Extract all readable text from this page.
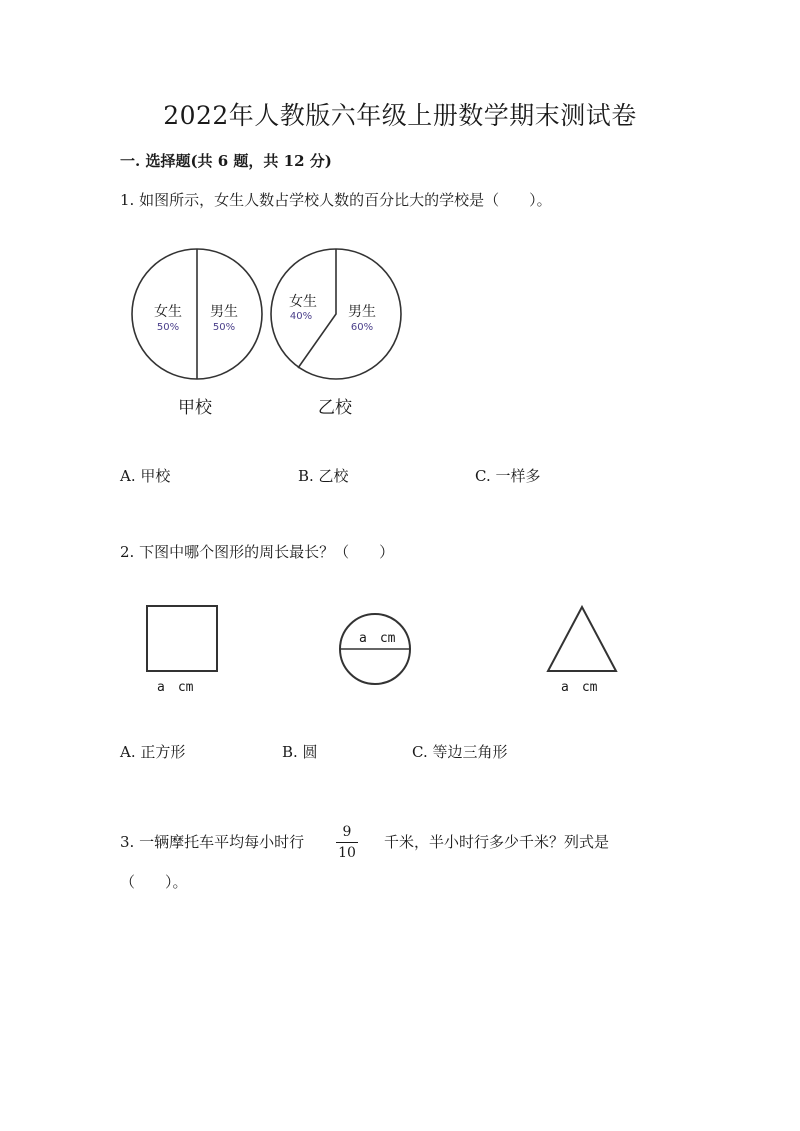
2022年人教版六年级上册数学期末测试卷
一. 选择题(共 6 题，共 12 分)
1. 如图所示，女生人数占学校人数的百分比大的学校是（　　）。
女生
50%
男生
50%
女生
40%	男生
60%
甲校	乙校
A. 甲校	B. 乙校	C. 一样多
2. 下图中哪个图形的周长最长？（　　）
a　cm
a　cm
a　cm
A. 正方形	B. 圆	C. 等边三角形
3. 一辆摩托车平均每小时行
9
10
千米，半小时行多少千米？列式是
（　　）。
